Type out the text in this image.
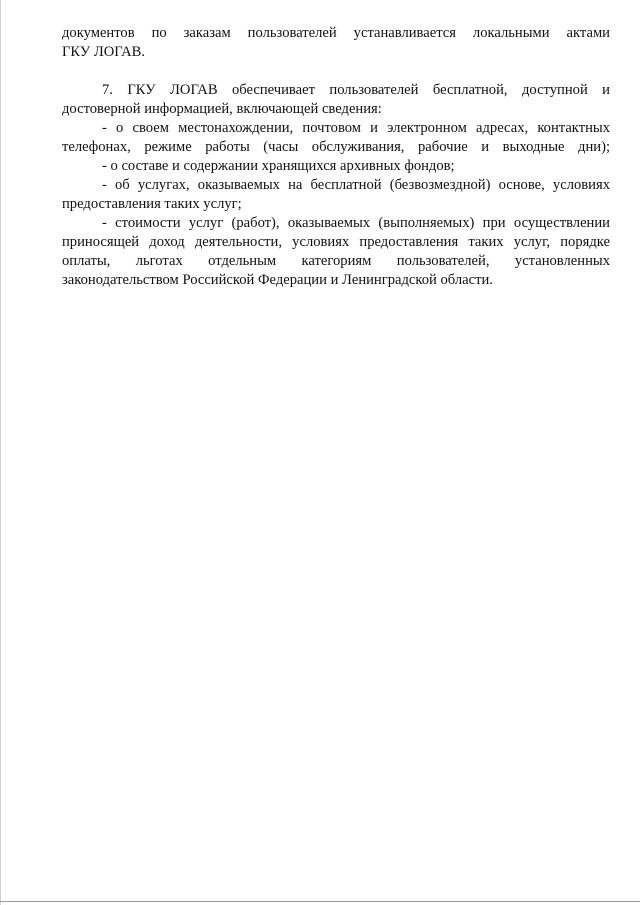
документов по заказам пользователей устанавливается локальными актами
ГКУ ЛОГАВ.
7. ГКУ ЛОГАВ обеспечивает пользователей бесплатной, доступной и
достоверной информацией, включающей сведения:
- о своем местонахождении, почтовом и электронном адресах, контактных
телефонах, режиме работы (часы обслуживания, рабочие и выходные дни);
- о составе и содержании хранящихся архивных фондов;
- об услугах, оказываемых на бесплатной (безвозмездной) основе, условиях
предоставления таких услуг;
- стоимости услуг (работ), оказываемых (выполняемых) при осуществлении
приносящей доход деятельности, условиях предоставления таких услуг, порядке
оплаты, льготах отдельным категориям пользователей, установленных
законодательством Российской Федерации и Ленинградской области.
